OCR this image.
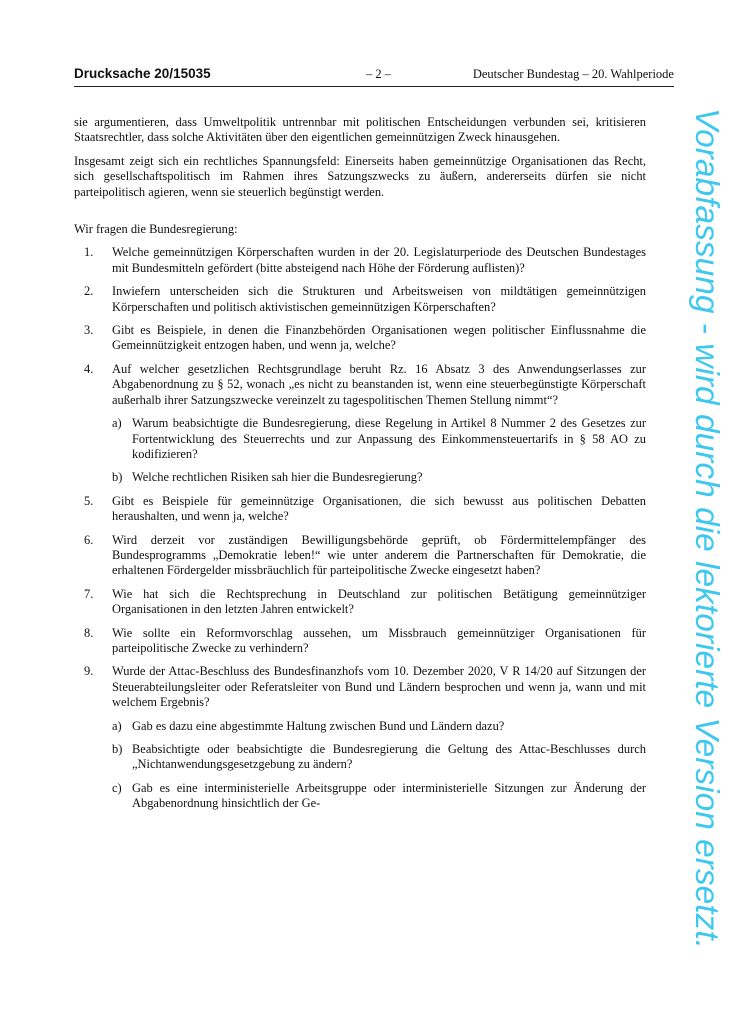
Drucksache 20/15035	– 2 –	Deutscher Bundestag – 20. Wahlperiode

sie argumentieren, dass Umweltpolitik untrennbar mit politischen Entscheidungen verbunden sei, kritisieren Staatsrechtler, dass solche Aktivitäten über den eigentlichen gemeinnützigen Zweck hinausgehen.

Insgesamt zeigt sich ein rechtliches Spannungsfeld: Einerseits haben gemeinnützige Organisationen das Recht, sich gesellschaftspolitisch im Rahmen ihres Satzungszwecks zu äußern, andererseits dürfen sie nicht parteipolitisch agieren, wenn sie steuerlich begünstigt werden.

Wir fragen die Bundesregierung:

1. Welche gemeinnützigen Körperschaften wurden in der 20. Legislaturperiode des Deutschen Bundestages mit Bundesmitteln gefördert (bitte absteigend nach Höhe der Förderung auflisten)?
2. Inwiefern unterscheiden sich die Strukturen und Arbeitsweisen von mildtätigen gemeinnützigen Körperschaften und politisch aktivistischen gemeinnützigen Körperschaften?
3. Gibt es Beispiele, in denen die Finanzbehörden Organisationen wegen politischer Einflussnahme die Gemeinnützigkeit entzogen haben, und wenn ja, welche?
4. Auf welcher gesetzlichen Rechtsgrundlage beruht Rz. 16 Absatz 3 des Anwendungserlasses zur Abgabenordnung zu § 52, wonach „es nicht zu beanstanden ist, wenn eine steuerbegünstigte Körperschaft außerhalb ihrer Satzungszwecke vereinzelt zu tagespolitischen Themen Stellung nimmt“?
a) Warum beabsichtigte die Bundesregierung, diese Regelung in Artikel 8 Nummer 2 des Gesetzes zur Fortentwicklung des Steuerrechts und zur Anpassung des Einkommensteuertarifs in § 58 AO zu kodifizieren?
b) Welche rechtlichen Risiken sah hier die Bundesregierung?
5. Gibt es Beispiele für gemeinnützige Organisationen, die sich bewusst aus politischen Debatten heraushalten, und wenn ja, welche?
6. Wird derzeit vor zuständigen Bewilligungsbehörde geprüft, ob Fördermittelempfänger des Bundesprogramms „Demokratie leben!“ wie unter anderem die Partnerschaften für Demokratie, die erhaltenen Fördergelder missbräuchlich für parteipolitische Zwecke eingesetzt haben?
7. Wie hat sich die Rechtsprechung in Deutschland zur politischen Betätigung gemeinnütziger Organisationen in den letzten Jahren entwickelt?
8. Wie sollte ein Reformvorschlag aussehen, um Missbrauch gemeinnütziger Organisationen für parteipolitische Zwecke zu verhindern?
9. Wurde der Attac-Beschluss des Bundesfinanzhofs vom 10. Dezember 2020, V R 14/20 auf Sitzungen der Steuerabteilungsleiter oder Referatsleiter von Bund und Ländern besprochen und wenn ja, wann und mit welchem Ergebnis?
a) Gab es dazu eine abgestimmte Haltung zwischen Bund und Ländern dazu?
b) Beabsichtigte oder beabsichtigte die Bundesregierung die Geltung des Attac-Beschlusses durch „Nichtanwendungsgesetzgebung zu ändern?
c) Gab es eine interministerielle Arbeitsgruppe oder interministerielle Sitzungen zur Änderung der Abgabenordnung hinsichtlich der Ge-	Vorabfassung - wird durch die lektorierte Version ersetzt.
